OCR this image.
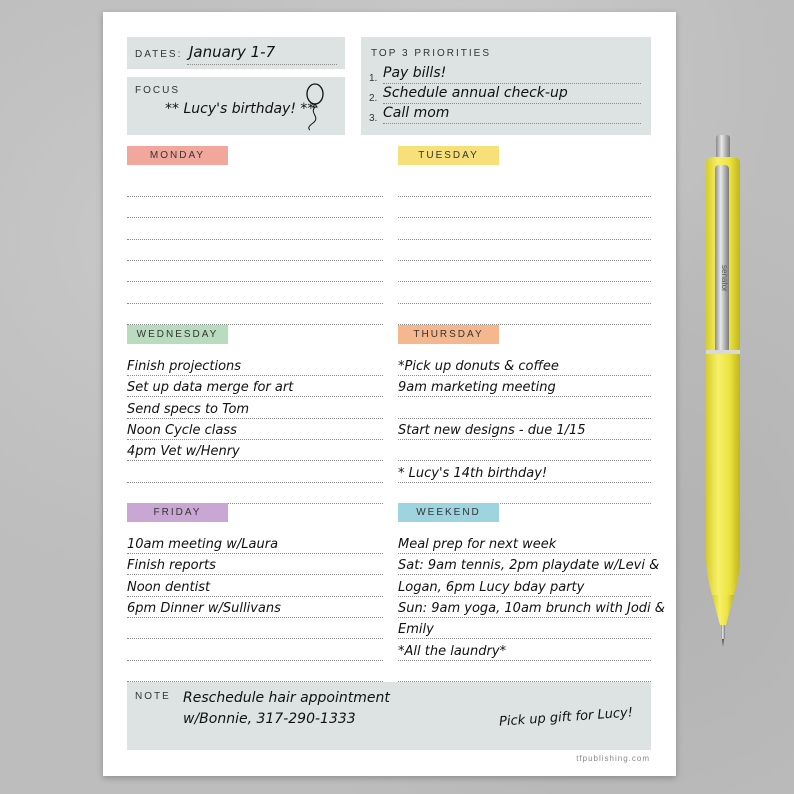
DATES: January 1-7
FOCUS
** Lucy's birthday! **
TOP 3 PRIORITIES
1. Pay bills!
2. Schedule annual check-up
3. Call mom
MONDAY	TUESDAY
WEDNESDAY
Finish projections
Set up data merge for art
Send specs to Tom
Noon Cycle class
4pm Vet w/Henry
THURSDAY
*Pick up donuts & coffee
9am marketing meeting
Start new designs - due 1/15
* Lucy's 14th birthday!
FRIDAY
10am meeting w/Laura
Finish reports
Noon dentist
6pm Dinner w/Sullivans
WEEKEND
Meal prep for next week
Sat: 9am tennis, 2pm playdate w/Levi &
Logan, 6pm Lucy bday party
Sun: 9am yoga, 10am brunch with Jodi &
Emily
*All the laundry*
NOTE Reschedule hair appointment
w/Bonnie, 317-290-1333	Pick up gift for Lucy!
tfpublishing.com
senator
